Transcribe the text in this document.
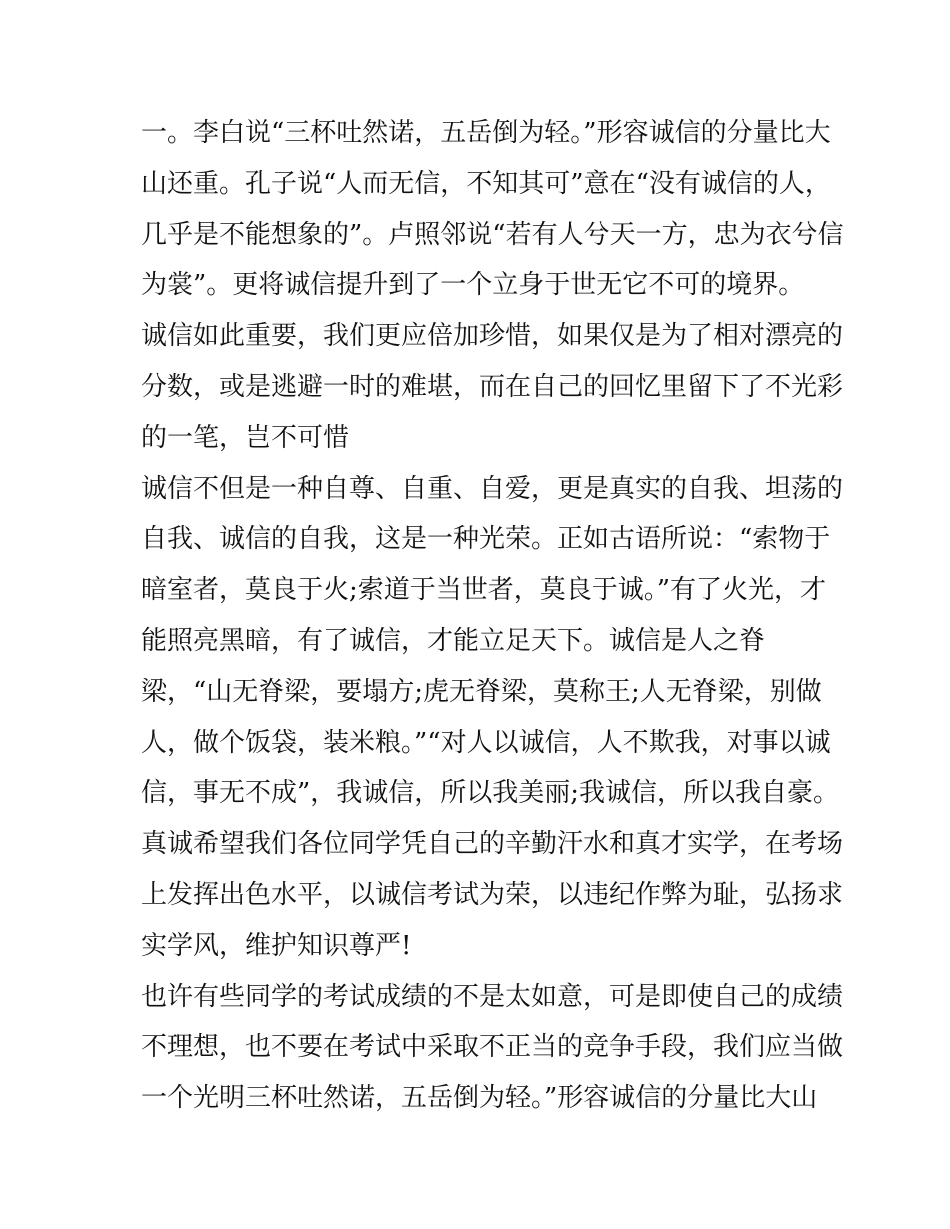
一。李白说“三杯吐然诺，五岳倒为轻。”形容诚信的分量比大
山还重。孔子说“人而无信，不知其可”意在“没有诚信的人，
几乎是不能想象的”。卢照邻说“若有人兮天一方，忠为衣兮信
为裳”。更将诚信提升到了一个立身于世无它不可的境界。
诚信如此重要，我们更应倍加珍惜，如果仅是为了相对漂亮的
分数，或是逃避一时的难堪，而在自己的回忆里留下了不光彩
的一笔，岂不可惜
诚信不但是一种自尊、自重、自爱，更是真实的自我、坦荡的
自我、诚信的自我，这是一种光荣。正如古语所说：“索物于
暗室者，莫良于火;索道于当世者，莫良于诚。”有了火光，才
能照亮黑暗，有了诚信，才能立足天下。诚信是人之脊
梁，“山无脊梁，要塌方;虎无脊梁，莫称王;人无脊梁，别做
人，做个饭袋，装米粮。”“对人以诚信，人不欺我，对事以诚
信，事无不成”，我诚信，所以我美丽;我诚信，所以我自豪。
真诚希望我们各位同学凭自己的辛勤汗水和真才实学，在考场
上发挥出色水平，以诚信考试为荣，以违纪作弊为耻，弘扬求
实学风，维护知识尊严!
也许有些同学的考试成绩的不是太如意，可是即使自己的成绩
不理想，也不要在考试中采取不正当的竞争手段，我们应当做
一个光明三杯吐然诺，五岳倒为轻。”形容诚信的分量比大山
